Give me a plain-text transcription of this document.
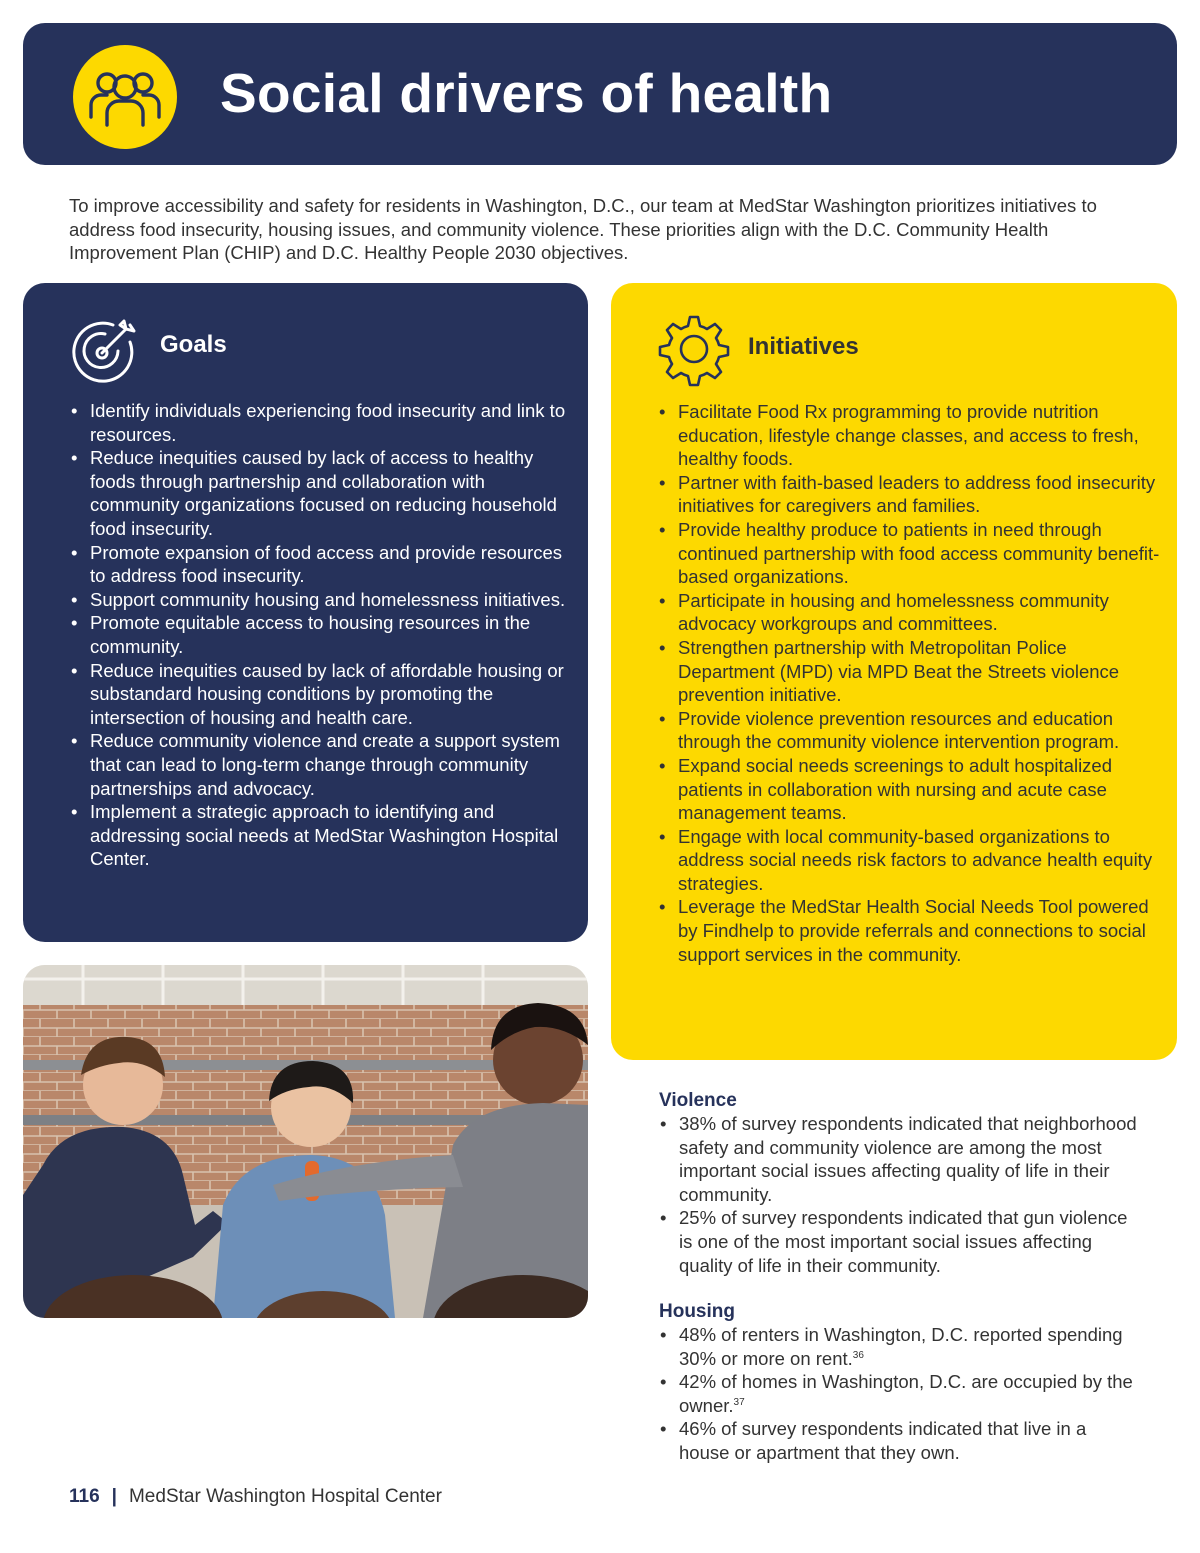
Social drivers of health

To improve accessibility and safety for residents in Washington, D.C., our team at MedStar Washington prioritizes initiatives to address food insecurity, housing issues, and community violence. These priorities align with the D.C. Community Health Improvement Plan (CHIP) and D.C. Healthy People 2030 objectives.

Goals
• Identify individuals experiencing food insecurity and link to resources.
• Reduce inequities caused by lack of access to healthy foods through partnership and collaboration with community organizations focused on reducing household food insecurity.
• Promote expansion of food access and provide resources to address food insecurity.
• Support community housing and homelessness initiatives.
• Promote equitable access to housing resources in the community.
• Reduce inequities caused by lack of affordable housing or substandard housing conditions by promoting the intersection of housing and health care.
• Reduce community violence and create a support system that can lead to long-term change through community partnerships and advocacy.
• Implement a strategic approach to identifying and addressing social needs at MedStar Washington Hospital Center.
Initiatives
• Facilitate Food Rx programming to provide nutrition education, lifestyle change classes, and access to fresh, healthy foods.
• Partner with faith-based leaders to address food insecurity initiatives for caregivers and families.
• Provide healthy produce to patients in need through continued partnership with food access community benefit-based organizations.
• Participate in housing and homelessness community advocacy workgroups and committees.
• Strengthen partnership with Metropolitan Police Department (MPD) via MPD Beat the Streets violence prevention initiative.
• Provide violence prevention resources and education through the community violence intervention program.
• Expand social needs screenings to adult hospitalized patients in collaboration with nursing and acute case management teams.
• Engage with local community-based organizations to address social needs risk factors to advance health equity strategies.
• Leverage the MedStar Health Social Needs Tool powered by Findhelp to provide referrals and connections to social support services in the community.
Violence
• 38% of survey respondents indicated that neighborhood safety and community violence are among the most important social issues affecting quality of life in their community.
• 25% of survey respondents indicated that gun violence is one of the most important social issues affecting quality of life in their community.
Housing
• 48% of renters in Washington, D.C. reported spending 30% or more on rent.$^{36}$
• 42% of homes in Washington, D.C. are occupied by the owner.$^{37}$
• 46% of survey respondents indicated that live in a house or apartment that they own.
116 | MedStar Washington Hospital Center
